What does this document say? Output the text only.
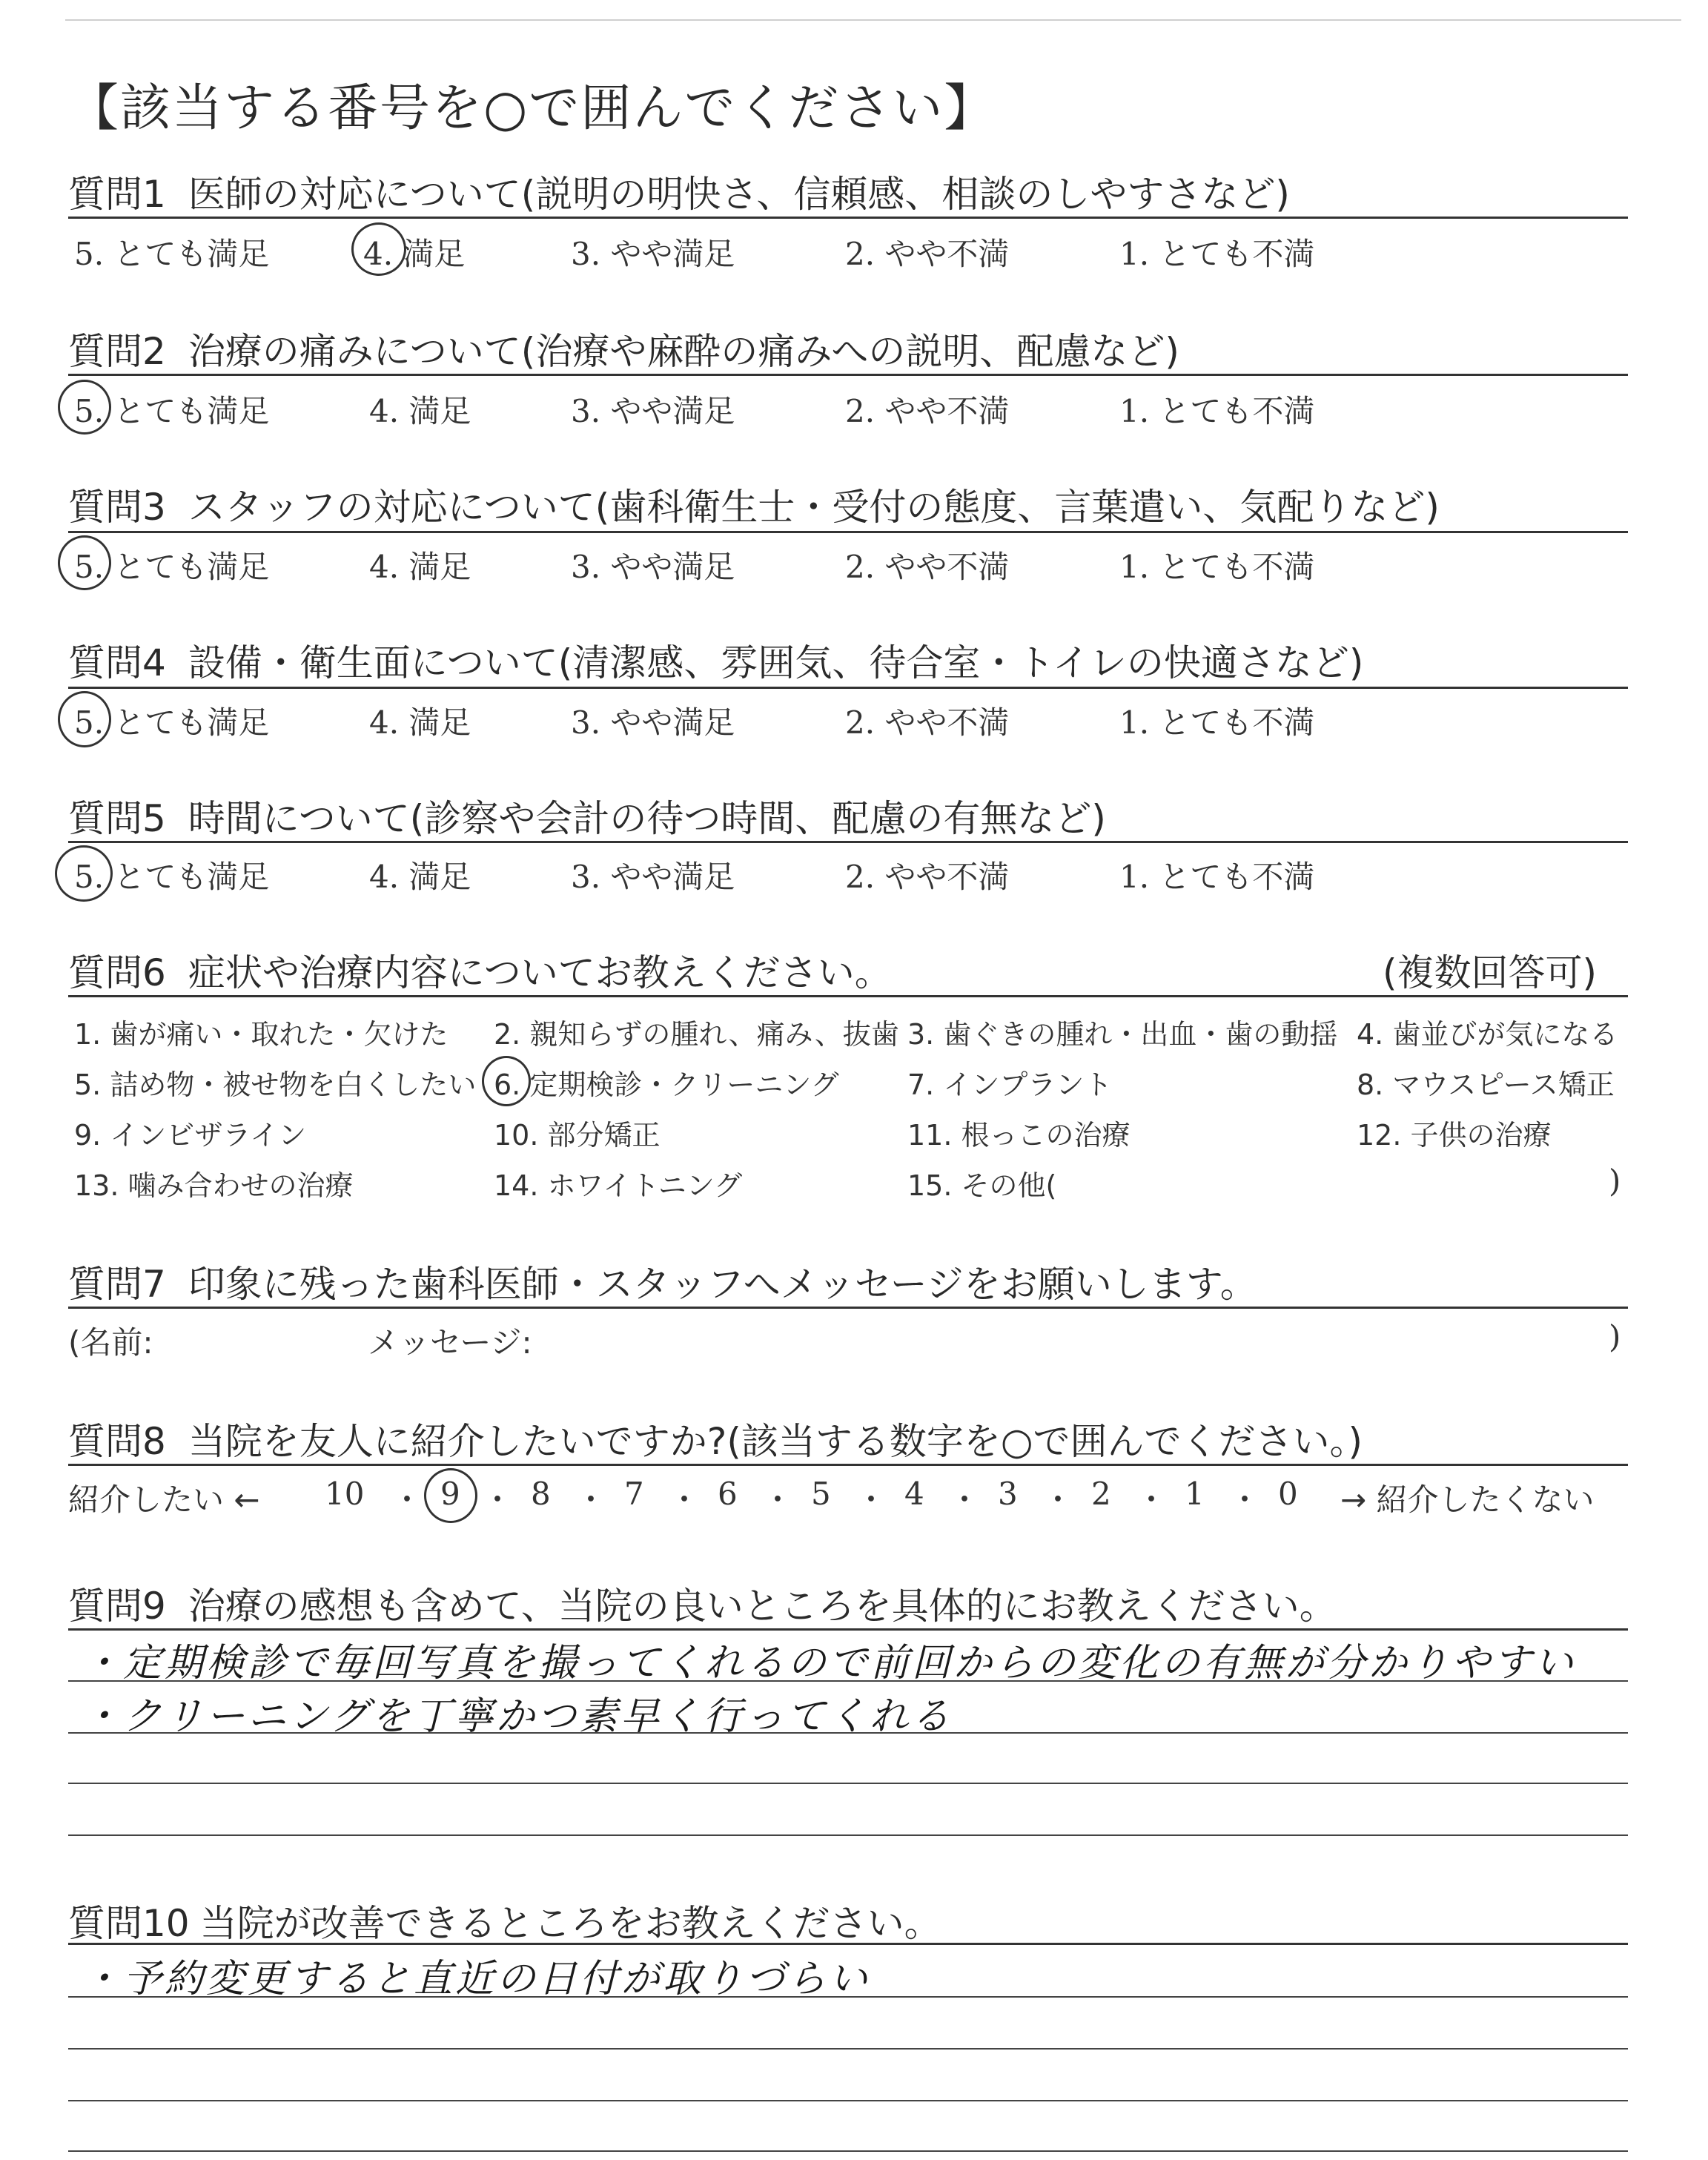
【該当する番号を○で囲んでください】
質問1 医師の対応について(説明の明快さ、信頼感、相談のしやすさなど)
5. とても満足	4. 満足	3. やや満足	2. やや不満	1. とても不満
質問2 治療の痛みについて(治療や麻酔の痛みへの説明、配慮など)
5. とても満足	4. 満足	3. やや満足	2. やや不満	1. とても不満
質問3 スタッフの対応について(歯科衛生士・受付の態度、言葉遣い、気配りなど)
5. とても満足	4. 満足	3. やや満足	2. やや不満	1. とても不満
質問4 設備・衛生面について(清潔感、雰囲気、待合室・トイレの快適さなど)
5. とても満足	4. 満足	3. やや満足	2. やや不満	1. とても不満
質問5 時間について(診察や会計の待つ時間、配慮の有無など)
5. とても満足	4. 満足	3. やや満足	2. やや不満	1. とても不満
質問6 症状や治療内容についてお教えください。	(複数回答可)
1. 歯が痛い・取れた・欠けた 2. 親知らずの腫れ、痛み、抜歯 3. 歯ぐきの腫れ・出血・歯の動揺 4. 歯並びが気になる
5. 詰め物・被せ物を白くしたい 6. 定期検診・クリーニング 7. インプラント	8. マウスピース矯正
9. インビザライン	10. 部分矯正	11. 根っこの治療	12. 子供の治療
13. 噛み合わせの治療	14. ホワイトニング	15. その他(	)
質問7 印象に残った歯科医師・スタッフへメッセージをお願いします。
(名前:	メッセージ:	)
質問8 当院を友人に紹介したいですか?(該当する数字を○で囲んでください。)
紹介したい ←	→ 紹介したくない
10 ・ 9 ・ 8 ・ 7 ・ 6 ・ 5 ・ 4 ・ 3 ・ 2 ・ 1 ・ 0
質問9 治療の感想も含めて、当院の良いところを具体的にお教えください。
・定期検診で毎回写真を撮ってくれるので前回からの変化の有無が分かりやすい
・クリーニングを丁寧かつ素早く行ってくれる
質問10 当院が改善できるところをお教えください。
・予約変更すると直近の日付が取りづらい
